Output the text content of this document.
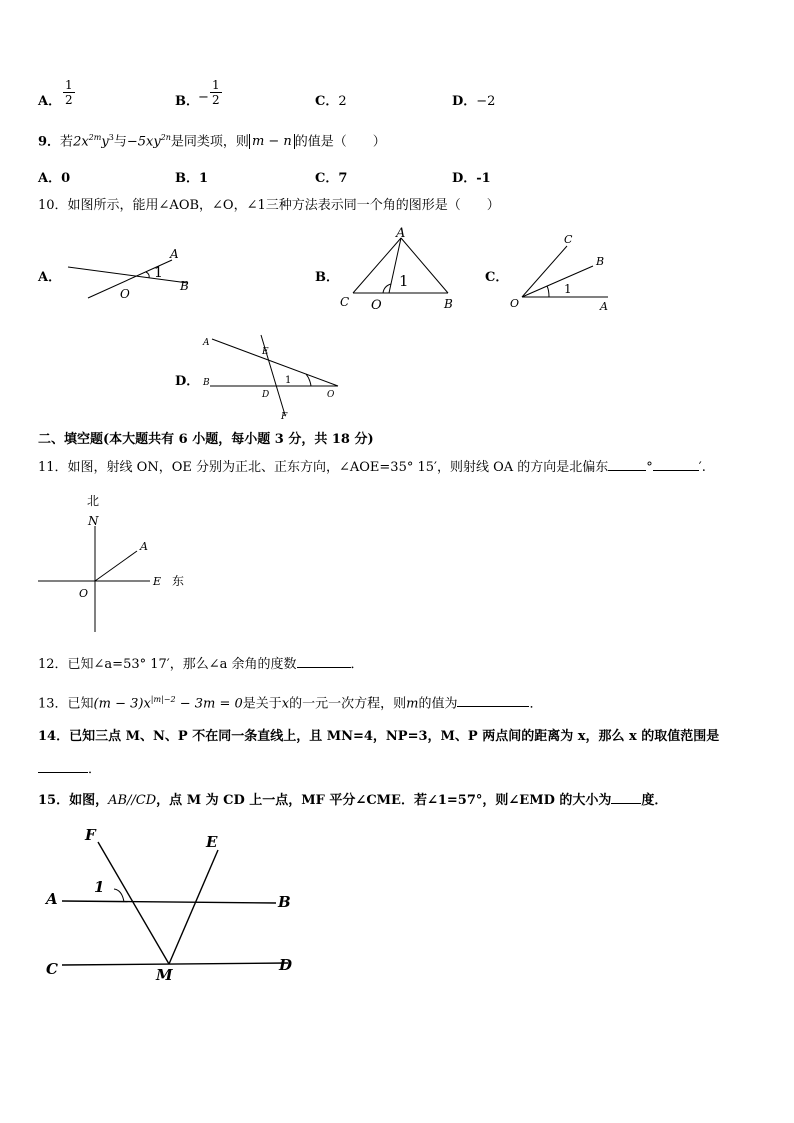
A． $\frac{1}{2}$	B． − $\frac{1}{2}$	C．2	D．−2
9．若$2x^{2m}y^3$与$-5xy^{2n}$是同类项，则 m − n 的值是（　　）
A．0	B．1	C．7	D．-1
10．如图所示，能用∠AOB，∠O，∠1三种方法表示同一个角的图形是（　　）
A．
A
B
O
1	B．
A
C O	B
1	C．
C
B
A
O
1
D．
A
E
B
D	O
F
1
二、填空题(本大题共有 6 小题，每小题 3 分，共 18 分)
11．如图，射线 ON，OE 分别为正北、正东方向，∠AOE=35° 15′，则射线 OA 的方向是北偏东	°	′.
北
N
A
E 东
O
12．已知∠a=53° 17′，那么∠a 余角的度数	．
13．已知$(m - 3)x^{|m|-2} - 3m = 0$是关于x的一元一次方程，则m的值为	．
14．已知三点 M、N、P 不在同一条直线上，且 MN=4，NP=3，M、P 两点间的距离为 x，那么 x 的取值范围是
．
15．如图，AB//CD，点 M 为 CD 上一点，MF 平分∠CME．若∠1=57°，则∠EMD 的大小为 度．
F	E
1
A	B
C	D
M
